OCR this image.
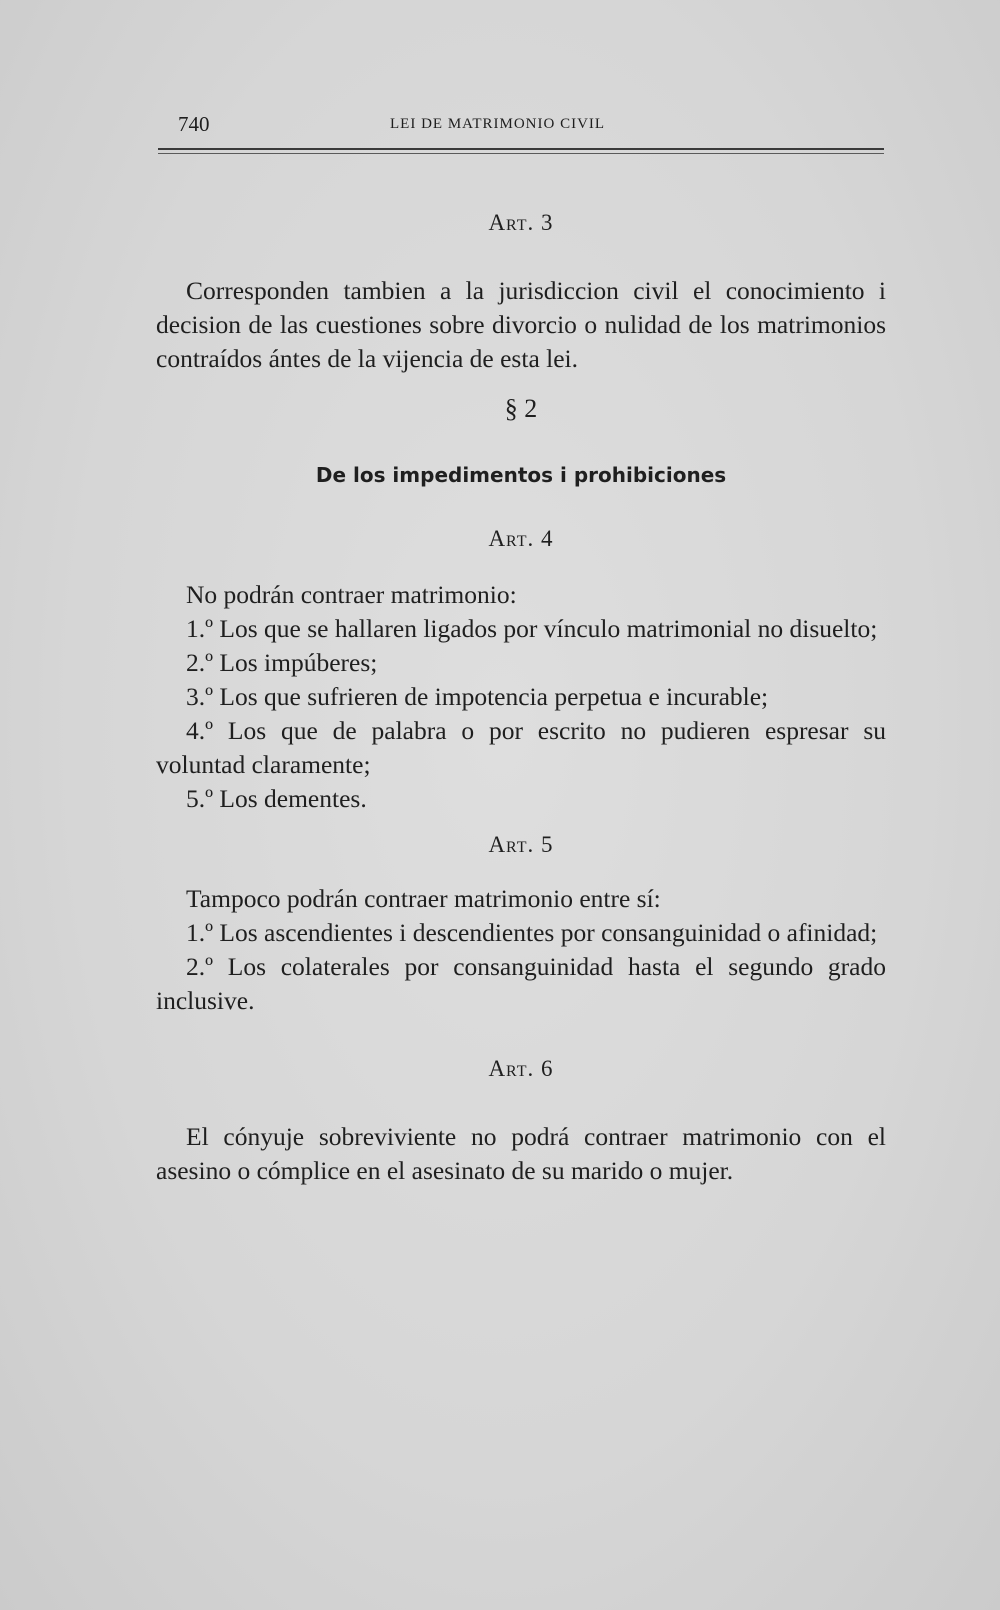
740	LEI DE MATRIMONIO CIVIL
Art. 3

Corresponden tambien a la jurisdiccion civil el conocimiento i decision de las cuestiones sobre divorcio o nulidad de los matrimonios contraídos ántes de la vijencia de esta lei.

§ 2
De los impedimentos i prohibiciones
Art. 4

No podrán contraer matrimonio:

1.º Los que se hallaren ligados por vínculo matrimonial no disuelto;

2.º Los impúberes;

3.º Los que sufrieren de impotencia perpetua e incurable;

4.º Los que de palabra o por escrito no pudieren espresar su voluntad claramente;

5.º Los dementes.

Art. 5

Tampoco podrán contraer matrimonio entre sí:

1.º Los ascendientes i descendientes por consanguinidad o afinidad;

2.º Los colaterales por consanguinidad hasta el segundo grado inclusive.

Art. 6

El cónyuje sobreviviente no podrá contraer matrimonio con el asesino o cómplice en el asesinato de su marido o mujer.
